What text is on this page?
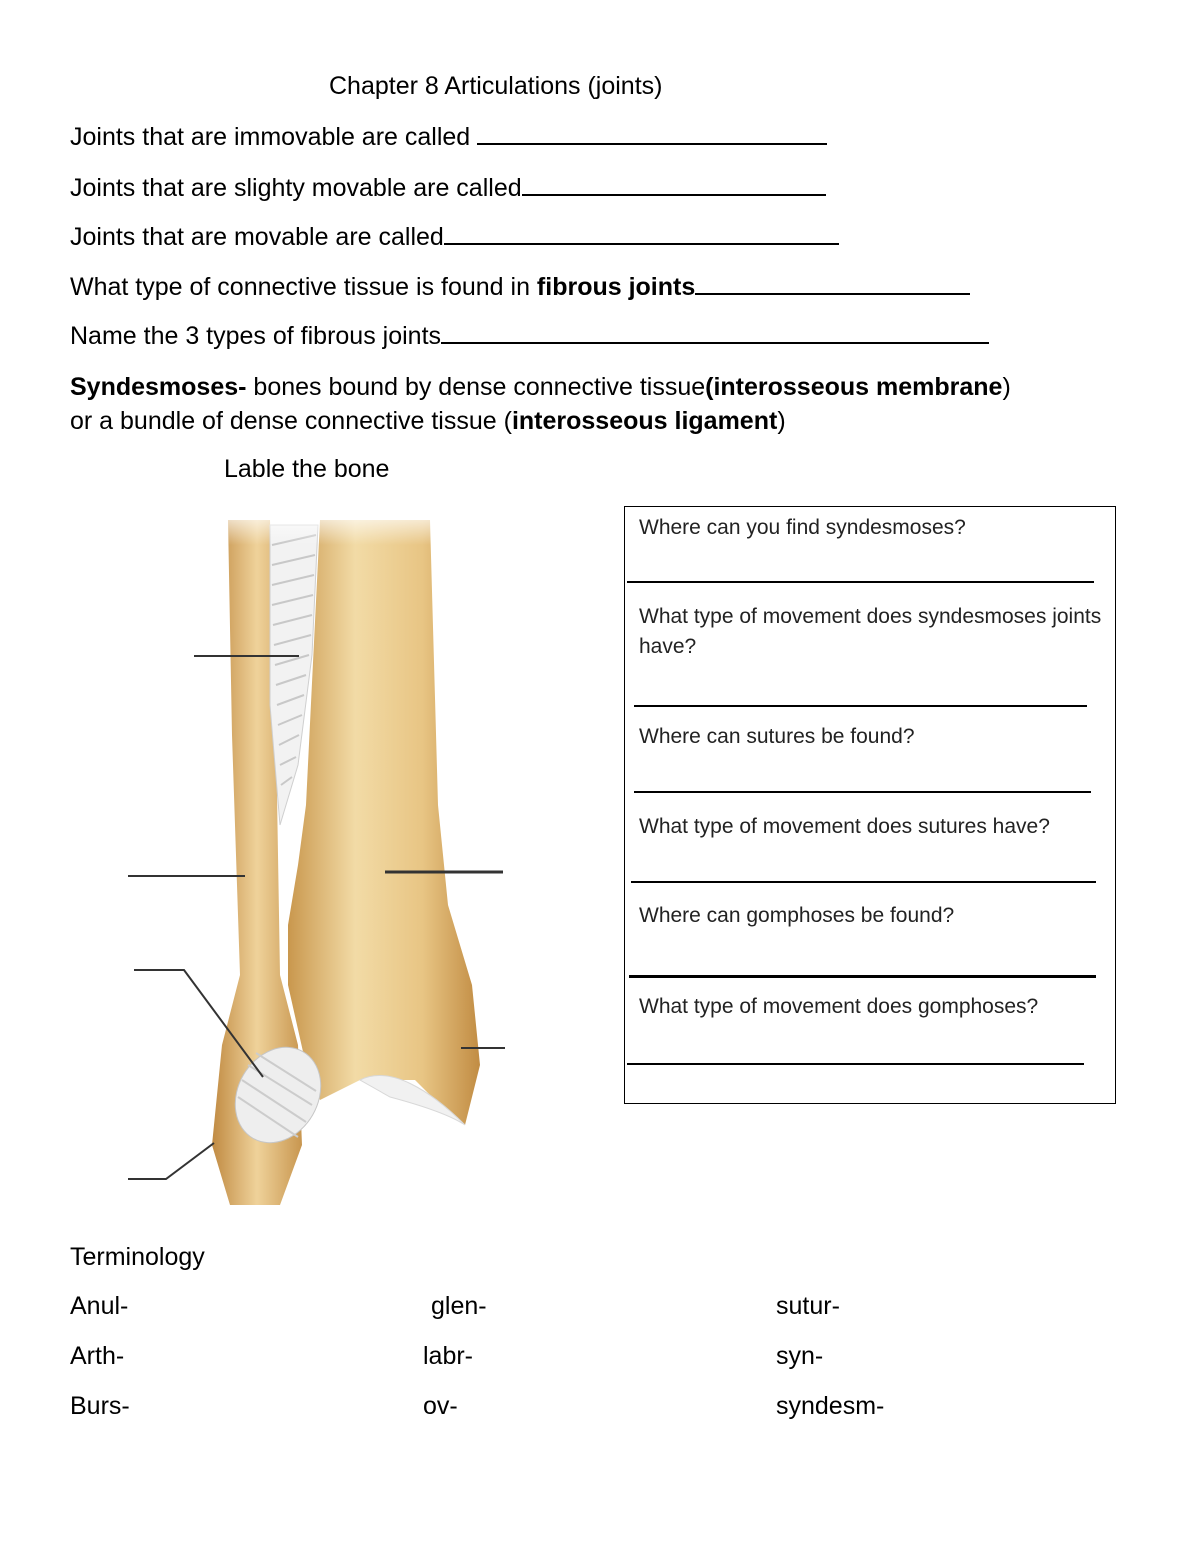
Chapter 8 Articulations (joints)
Joints that are immovable are called
Joints that are slighty movable are called
Joints that are movable are called
What type of connective tissue is found in fibrous joints
Name the 3 types of fibrous joints
Syndesmoses- bones bound by dense connective tissue(interosseous membrane)
or a bundle of dense connective tissue (interosseous ligament)
Lable the bone
Where can you find syndesmoses?
What type of movement does syndesmoses joints have?
Where can sutures be found?
What type of movement does sutures have?
Where can gomphoses be found?
What type of movement does gomphoses?
Terminology
Anul-
Arth-
Burs-
glen-
labr-
ov-
sutur-
syn-
syndesm-
